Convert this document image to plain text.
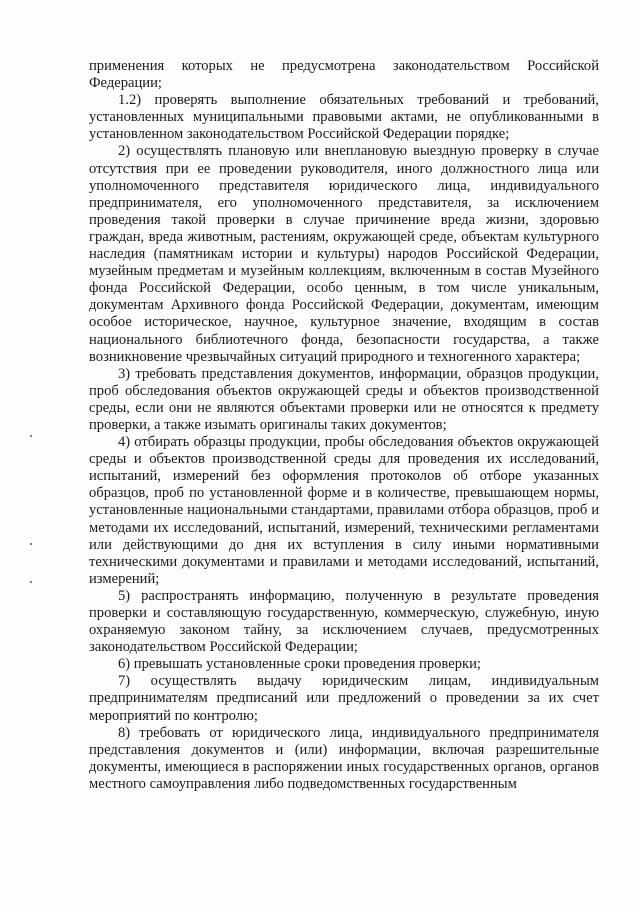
применения которых не предусмотрена законодательством Российской Федерации;

1.2) проверять выполнение обязательных требований и требований, установленных муниципальными правовыми актами, не опубликованными в установленном законодательством Российской Федерации порядке;

2) осуществлять плановую или внеплановую выездную проверку в случае отсутствия при ее проведении руководителя, иного должностного лица или уполномоченного представителя юридического лица, индивидуального предпринимателя, его уполномоченного представителя, за исключением проведения такой проверки в случае причинение вреда жизни, здоровью граждан, вреда животным, растениям, окружающей среде, объектам культурного наследия (памятникам истории и культуры) народов Российской Федерации, музейным предметам и музейным коллекциям, включенным в состав Музейного фонда Российской Федерации, особо ценным, в том числе уникальным, документам Архивного фонда Российской Федерации, документам, имеющим особое историческое, научное, культурное значение, входящим в состав национального библиотечного фонда, безопасности государства, а также возникновение чрезвычайных ситуаций природного и техногенного характера;

3) требовать представления документов, информации, образцов продукции, проб обследования объектов окружающей среды и объектов производственной среды, если они не являются объектами проверки или не относятся к предмету проверки, а также изымать оригиналы таких документов;

4) отбирать образцы продукции, пробы обследования объектов окружающей среды и объектов производственной среды для проведения их исследований, испытаний, измерений без оформления протоколов об отборе указанных образцов, проб по установленной форме и в количестве, превышающем нормы, установленные национальными стандартами, правилами отбора образцов, проб и методами их исследований, испытаний, измерений, техническими регламентами или действующими до дня их вступления в силу иными нормативными техническими документами и правилами и методами исследований, испытаний, измерений;

5) распространять информацию, полученную в результате проведения проверки и составляющую государственную, коммерческую, служебную, иную охраняемую законом тайну, за исключением случаев, предусмотренных законодательством Российской Федерации;

6) превышать установленные сроки проведения проверки;

7) осуществлять выдачу юридическим лицам, индивидуальным предпринимателям предписаний или предложений о проведении за их счет мероприятий по контролю;

8) требовать от юридического лица, индивидуального предпринимателя представления документов и (или) информации, включая разрешительные документы, имеющиеся в распоряжении иных государственных органов, органов местного самоуправления либо подведомственных государственным
